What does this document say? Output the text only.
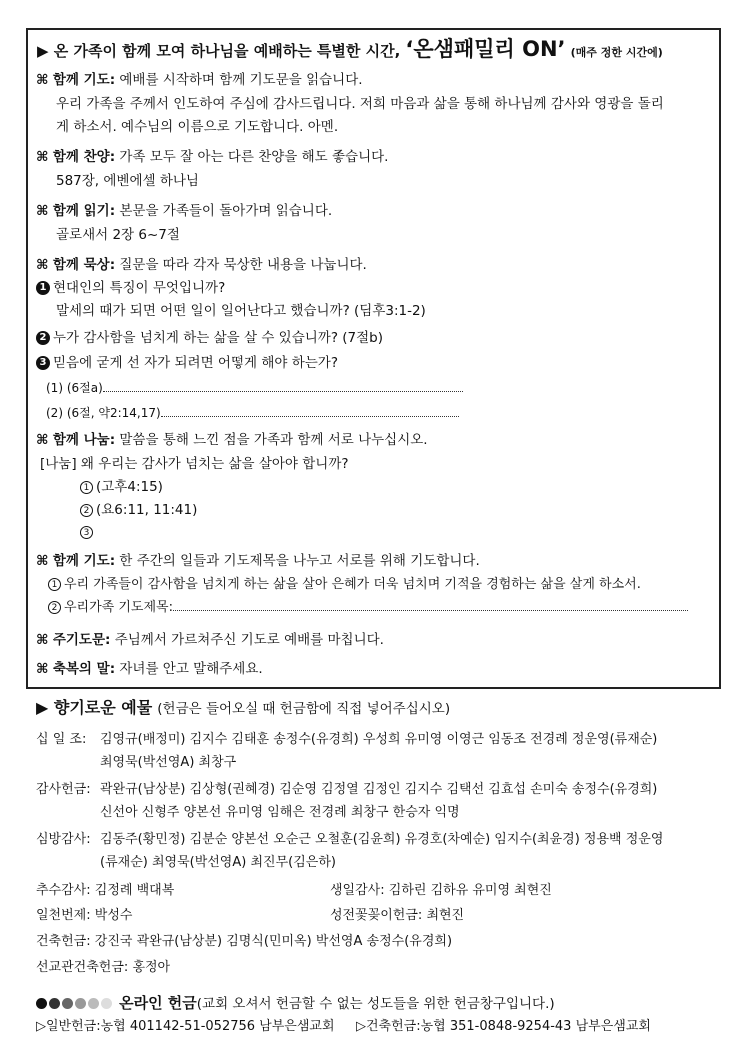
▶ 온 가족이 함께 모여 하나님을 예배하는 특별한 시간, ‘온샘패밀리 ON’ (매주 정한 시간에)
⌘ 함께 기도: 예배를 시작하며 함께 기도문을 읽습니다.
우리 가족을 주께서 인도하여 주심에 감사드립니다. 저희 마음과 삶을 통해 하나님께 감사와 영광을 돌리
게 하소서. 예수님의 이름으로 기도합니다. 아멘.
⌘ 함께 찬양: 가족 모두 잘 아는 다른 찬양을 해도 좋습니다.
587장, 에벤에셀 하나님
⌘ 함께 읽기: 본문을 가족들이 돌아가며 읽습니다.
골로새서 2장 6~7절
⌘ 함께 묵상: 질문을 따라 각자 묵상한 내용을 나눕니다.
1 현대인의 특징이 무엇입니까?
말세의 때가 되면 어떤 일이 일어난다고 했습니까? (딤후3:1-2)
2 누가 감사함을 넘치게 하는 삶을 살 수 있습니까? (7절b)
3 믿음에 굳게 선 자가 되려면 어떻게 해야 하는가?
(1) (6절a)
(2) (6절, 약2:14,17)
⌘ 함께 나눔: 말씀을 통해 느낀 점을 가족과 함께 서로 나누십시오.
[나눔] 왜 우리는 감사가 넘치는 삶을 살아야 합니까?
1 (고후4:15)
2 (요6:11, 11:41)
3
⌘ 함께 기도: 한 주간의 일들과 기도제목을 나누고 서로를 위해 기도합니다.
1 우리 가족들이 감사함을 넘치게 하는 삶을 살아 은혜가 더욱 넘치며 기적을 경험하는 삶을 살게 하소서.
2 우리가족 기도제목:
⌘ 주기도문: 주님께서 가르쳐주신 기도로 예배를 마칩니다.
⌘ 축복의 말: 자녀를 안고 말해주세요.
▶ 향기로운 예물 (헌금은 들어오실 때 헌금함에 직접 넣어주십시오)
십 일 조: 김영규(배정미) 김지수 김태훈 송정수(유경희) 우성희 유미영 이영근 임동조 전경례 정운영(류재순)
최영묵(박선영A) 최창구
감사헌금: 곽완규(남상분) 김상형(권혜경) 김순영 김정열 김정인 김지수 김택선 김효섭 손미숙 송정수(유경희)
신선아 신형주 양본선 유미영 임해은 전경례 최창구 한승자 익명
심방감사: 김동주(황민정) 김분순 양본선 오순근 오철훈(김윤희) 유경호(차예순) 임지수(최윤경) 정용백 정운영
(류재순) 최영묵(박선영A) 최진무(김은하)
추수감사: 김정례 백대복	생일감사: 김하린 김하유 유미영 최현진
일천번제: 박성수	성전꽃꽂이헌금: 최현진
건축헌금: 강진국 곽완규(남상분) 김명식(민미옥) 박선영A 송정수(유경희)
선교관건축헌금: 홍정아
온라인 헌금(교회 오셔서 헌금할 수 없는 성도들을 위한 헌금창구입니다.)
▷일반헌금:농협 401142-51-052756 남부은샘교회 ▷건축헌금:농협 351-0848-9254-43 남부은샘교회
